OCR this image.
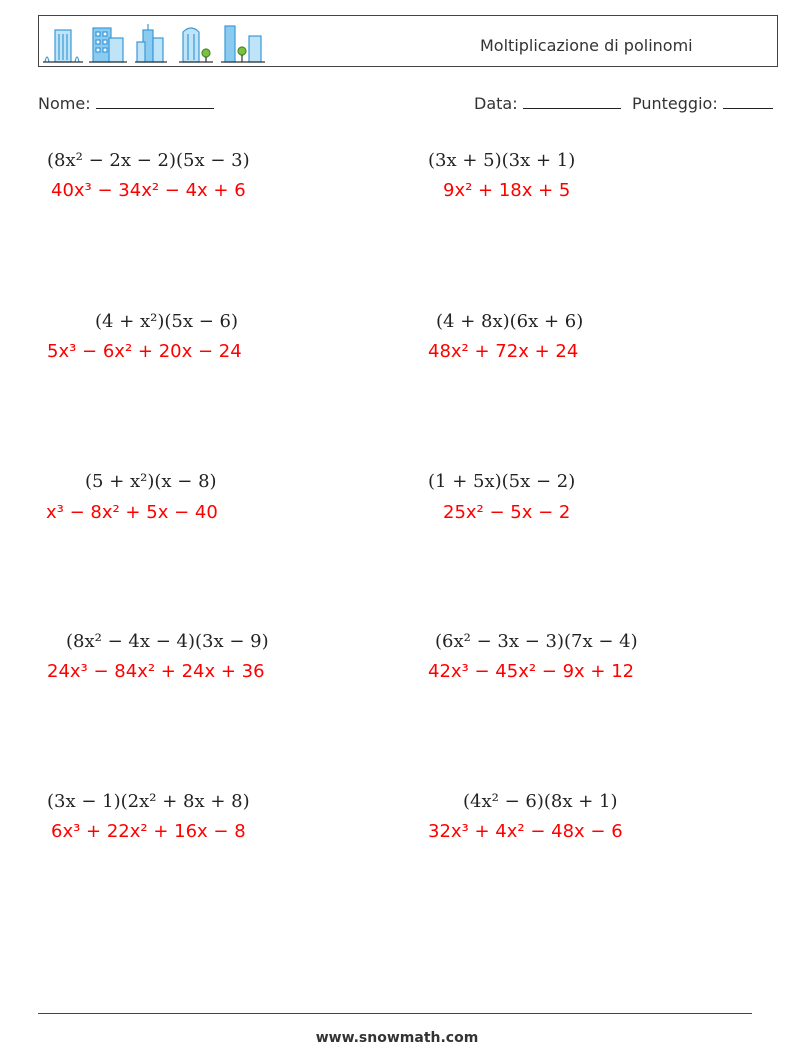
Moltiplicazione di polinomi
Nome:	Data:	Punteggio:
(8x² − 2x − 2)(5x − 3)
40x³ − 34x² − 4x + 6
(3x + 5)(3x + 1)
9x² + 18x + 5
(4 + x²)(5x − 6)
5x³ − 6x² + 20x − 24
(4 + 8x)(6x + 6)
48x² + 72x + 24
(5 + x²)(x − 8)
x³ − 8x² + 5x − 40
(1 + 5x)(5x − 2)
25x² − 5x − 2
(8x² − 4x − 4)(3x − 9)
24x³ − 84x² + 24x + 36
(6x² − 3x − 3)(7x − 4)
42x³ − 45x² − 9x + 12
(3x − 1)(2x² + 8x + 8)
6x³ + 22x² + 16x − 8
(4x² − 6)(8x + 1)
32x³ + 4x² − 48x − 6
www.snowmath.com
